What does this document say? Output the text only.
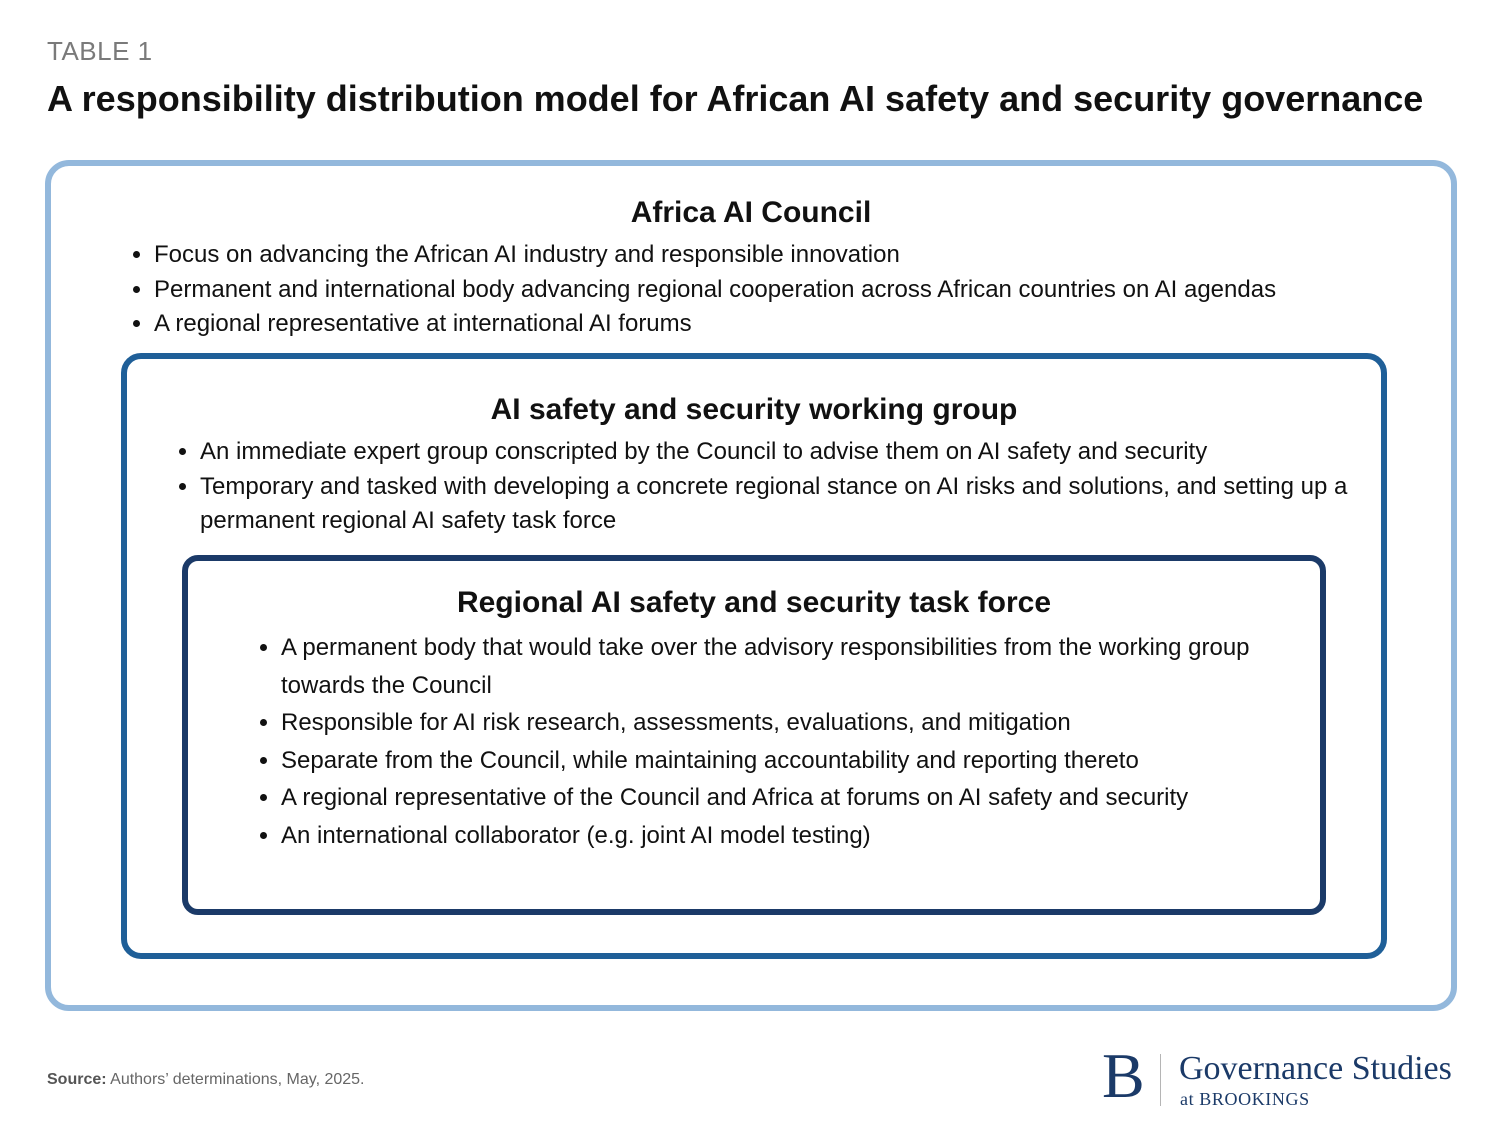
TABLE 1
A responsibility distribution model for African AI safety and security governance
Africa AI Council
• Focus on advancing the African AI industry and responsible innovation
• Permanent and international body advancing regional cooperation across African countries on AI agendas
• A regional representative at international AI forums
AI safety and security working group
• An immediate expert group conscripted by the Council to advise them on AI safety and security
• Temporary and tasked with developing a concrete regional stance on AI risks and solutions, and setting up a permanent regional AI safety task force
Regional AI safety and security task force
• A permanent body that would take over the advisory responsibilities from the working group towards the Council
• Responsible for AI risk research, assessments, evaluations, and mitigation
• Separate from the Council, while maintaining accountability and reporting thereto
• A regional representative of the Council and Africa at forums on AI safety and security
• An international collaborator (e.g. joint AI model testing)
Source: Authors’ determinations, May, 2025.	B Governance Studies
at BROOKINGS
